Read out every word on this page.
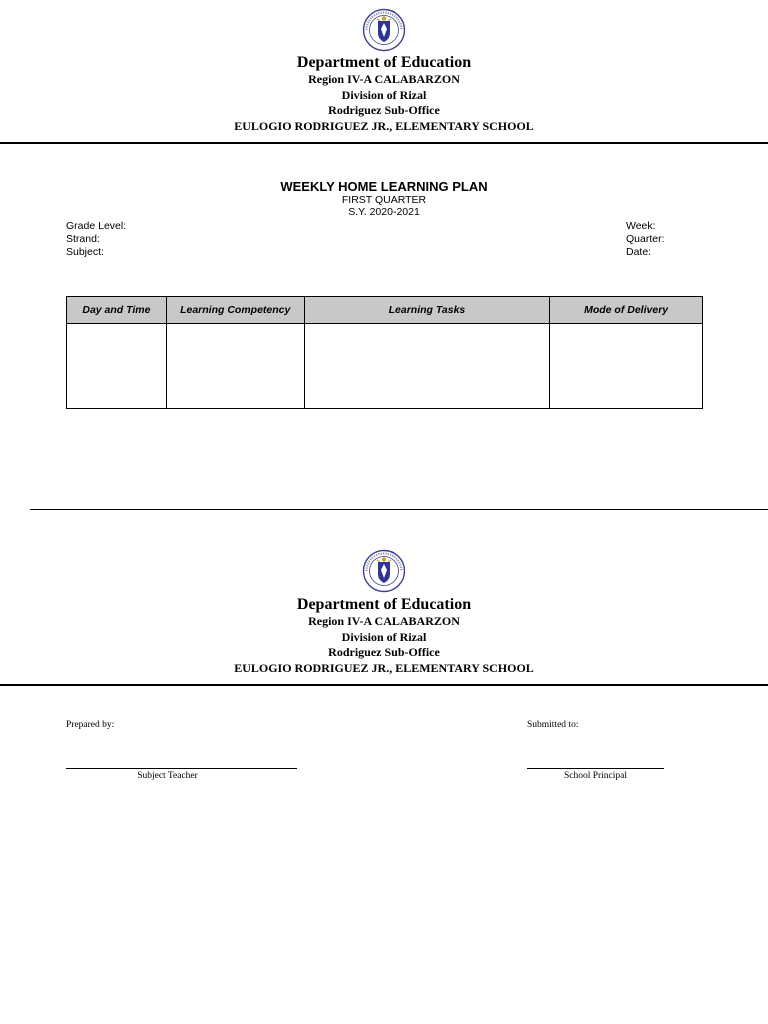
Department of Education
Region IV-A CALABARZON
Division of Rizal
Rodriguez Sub-Office
EULOGIO RODRIGUEZ JR., ELEMENTARY SCHOOL
WEEKLY HOME LEARNING PLAN
FIRST QUARTER
S.Y. 2020-2021
Grade Level:
Strand:
Subject:
Week:
Quarter:
Date:
Day and Time	Learning Competency	Learning Tasks	Mode of Delivery

Department of Education
Region IV-A CALABARZON
Division of Rizal
Rodriguez Sub-Office
EULOGIO RODRIGUEZ JR., ELEMENTARY SCHOOL
Prepared by:	Submitted to:
Subject Teacher	School Principal
